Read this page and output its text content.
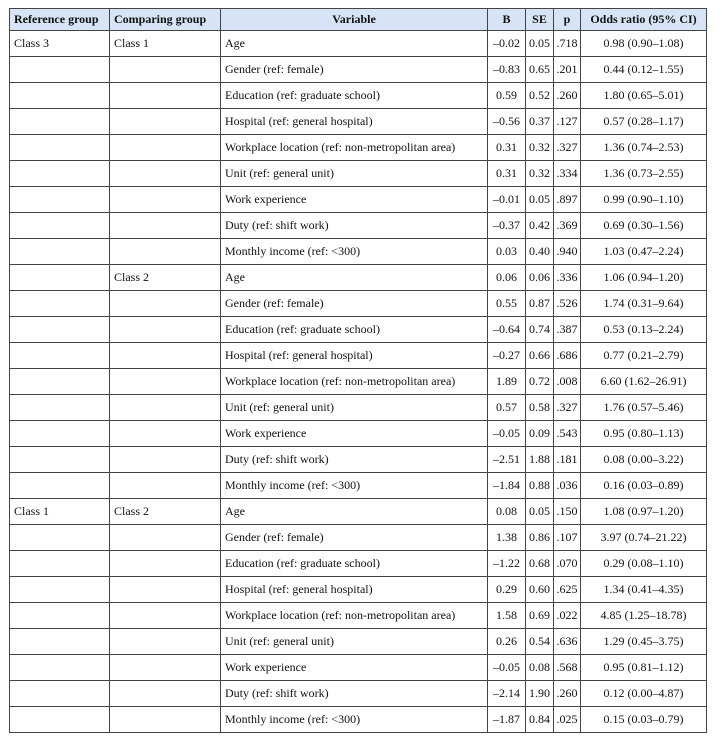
Reference group	Comparing group	Variable	B	SE	p	Odds ratio (95% CI)
Class 3	Class 1	Age	–0.02	0.05	.718	0.98 (0.90–1.08)
		Gender (ref: female)	–0.83	0.65	.201	0.44 (0.12–1.55)
		Education (ref: graduate school)	0.59	0.52	.260	1.80 (0.65–5.01)
		Hospital (ref: general hospital)	–0.56	0.37	.127	0.57 (0.28–1.17)
		Workplace location (ref: non-metropolitan area)	0.31	0.32	.327	1.36 (0.74–2.53)
		Unit (ref: general unit)	0.31	0.32	.334	1.36 (0.73–2.55)
		Work experience	–0.01	0.05	.897	0.99 (0.90–1.10)
		Duty (ref: shift work)	–0.37	0.42	.369	0.69 (0.30–1.56)
		Monthly income (ref: <300)	0.03	0.40	.940	1.03 (0.47–2.24)
	Class 2	Age	0.06	0.06	.336	1.06 (0.94–1.20)
		Gender (ref: female)	0.55	0.87	.526	1.74 (0.31–9.64)
		Education (ref: graduate school)	–0.64	0.74	.387	0.53 (0.13–2.24)
		Hospital (ref: general hospital)	–0.27	0.66	.686	0.77 (0.21–2.79)
		Workplace location (ref: non-metropolitan area)	1.89	0.72	.008	6.60 (1.62–26.91)
		Unit (ref: general unit)	0.57	0.58	.327	1.76 (0.57–5.46)
		Work experience	–0.05	0.09	.543	0.95 (0.80–1.13)
		Duty (ref: shift work)	–2.51	1.88	.181	0.08 (0.00–3.22)
		Monthly income (ref: <300)	–1.84	0.88	.036	0.16 (0.03–0.89)
Class 1	Class 2	Age	0.08	0.05	.150	1.08 (0.97–1.20)
		Gender (ref: female)	1.38	0.86	.107	3.97 (0.74–21.22)
		Education (ref: graduate school)	–1.22	0.68	.070	0.29 (0.08–1.10)
		Hospital (ref: general hospital)	0.29	0.60	.625	1.34 (0.41–4.35)
		Workplace location (ref: non-metropolitan area)	1.58	0.69	.022	4.85 (1.25–18.78)
		Unit (ref: general unit)	0.26	0.54	.636	1.29 (0.45–3.75)
		Work experience	–0.05	0.08	.568	0.95 (0.81–1.12)
		Duty (ref: shift work)	–2.14	1.90	.260	0.12 (0.00–4.87)
		Monthly income (ref: <300)	–1.87	0.84	.025	0.15 (0.03–0.79)
